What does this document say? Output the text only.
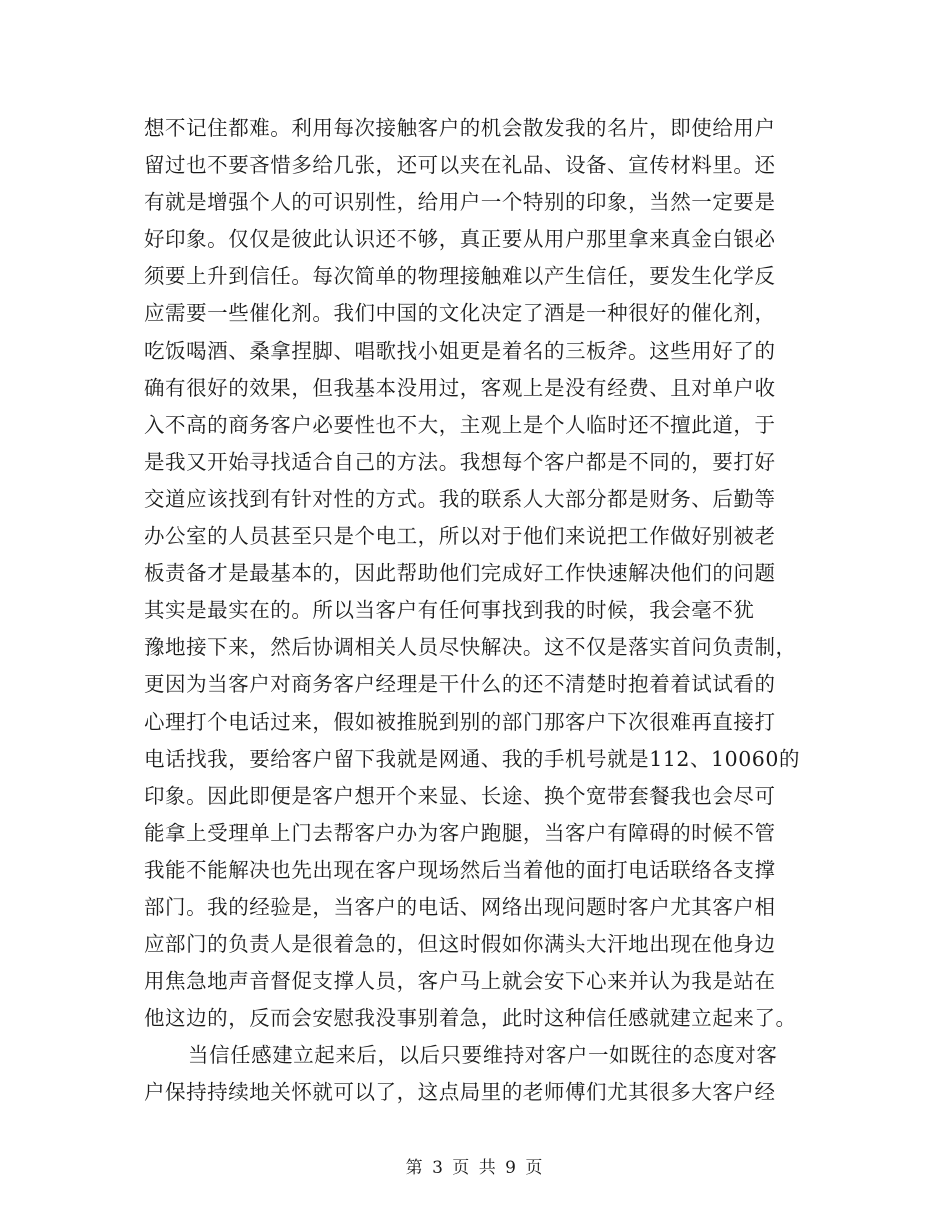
想不记住都难。利用每次接触客户的机会散发我的名片，即使给用户
留过也不要吝惜多给几张，还可以夹在礼品、设备、宣传材料里。还
有就是增强个人的可识别性，给用户一个特别的印象，当然一定要是
好印象。仅仅是彼此认识还不够，真正要从用户那里拿来真金白银必
须要上升到信任。每次简单的物理接触难以产生信任，要发生化学反
应需要一些催化剂。我们中国的文化决定了酒是一种很好的催化剂，
吃饭喝酒、桑拿捏脚、唱歌找小姐更是着名的三板斧。这些用好了的
确有很好的效果，但我基本没用过，客观上是没有经费、且对单户收
入不高的商务客户必要性也不大，主观上是个人临时还不擅此道，于
是我又开始寻找适合自己的方法。我想每个客户都是不同的，要打好
交道应该找到有针对性的方式。我的联系人大部分都是财务、后勤等
办公室的人员甚至只是个电工，所以对于他们来说把工作做好别被老
板责备才是最基本的，因此帮助他们完成好工作快速解决他们的问题
其实是最实在的。所以当客户有任何事找到我的时候，我会毫不犹
豫地接下来，然后协调相关人员尽快解决。这不仅是落实首问负责制，
更因为当客户对商务客户经理是干什么的还不清楚时抱着着试试看的
心理打个电话过来，假如被推脱到别的部门那客户下次很难再直接打
电话找我，要给客户留下我就是网通、我的手机号就是112、10060的
印象。因此即便是客户想开个来显、长途、换个宽带套餐我也会尽可
能拿上受理单上门去帮客户办为客户跑腿，当客户有障碍的时候不管
我能不能解决也先出现在客户现场然后当着他的面打电话联络各支撑
部门。我的经验是，当客户的电话、网络出现问题时客户尤其客户相
应部门的负责人是很着急的，但这时假如你满头大汗地出现在他身边
用焦急地声音督促支撑人员，客户马上就会安下心来并认为我是站在
他这边的，反而会安慰我没事别着急，此时这种信任感就建立起来了。
当信任感建立起来后，以后只要维持对客户一如既往的态度对客
户保持持续地关怀就可以了，这点局里的老师傅们尤其很多大客户经
第 3 页 共 9 页
